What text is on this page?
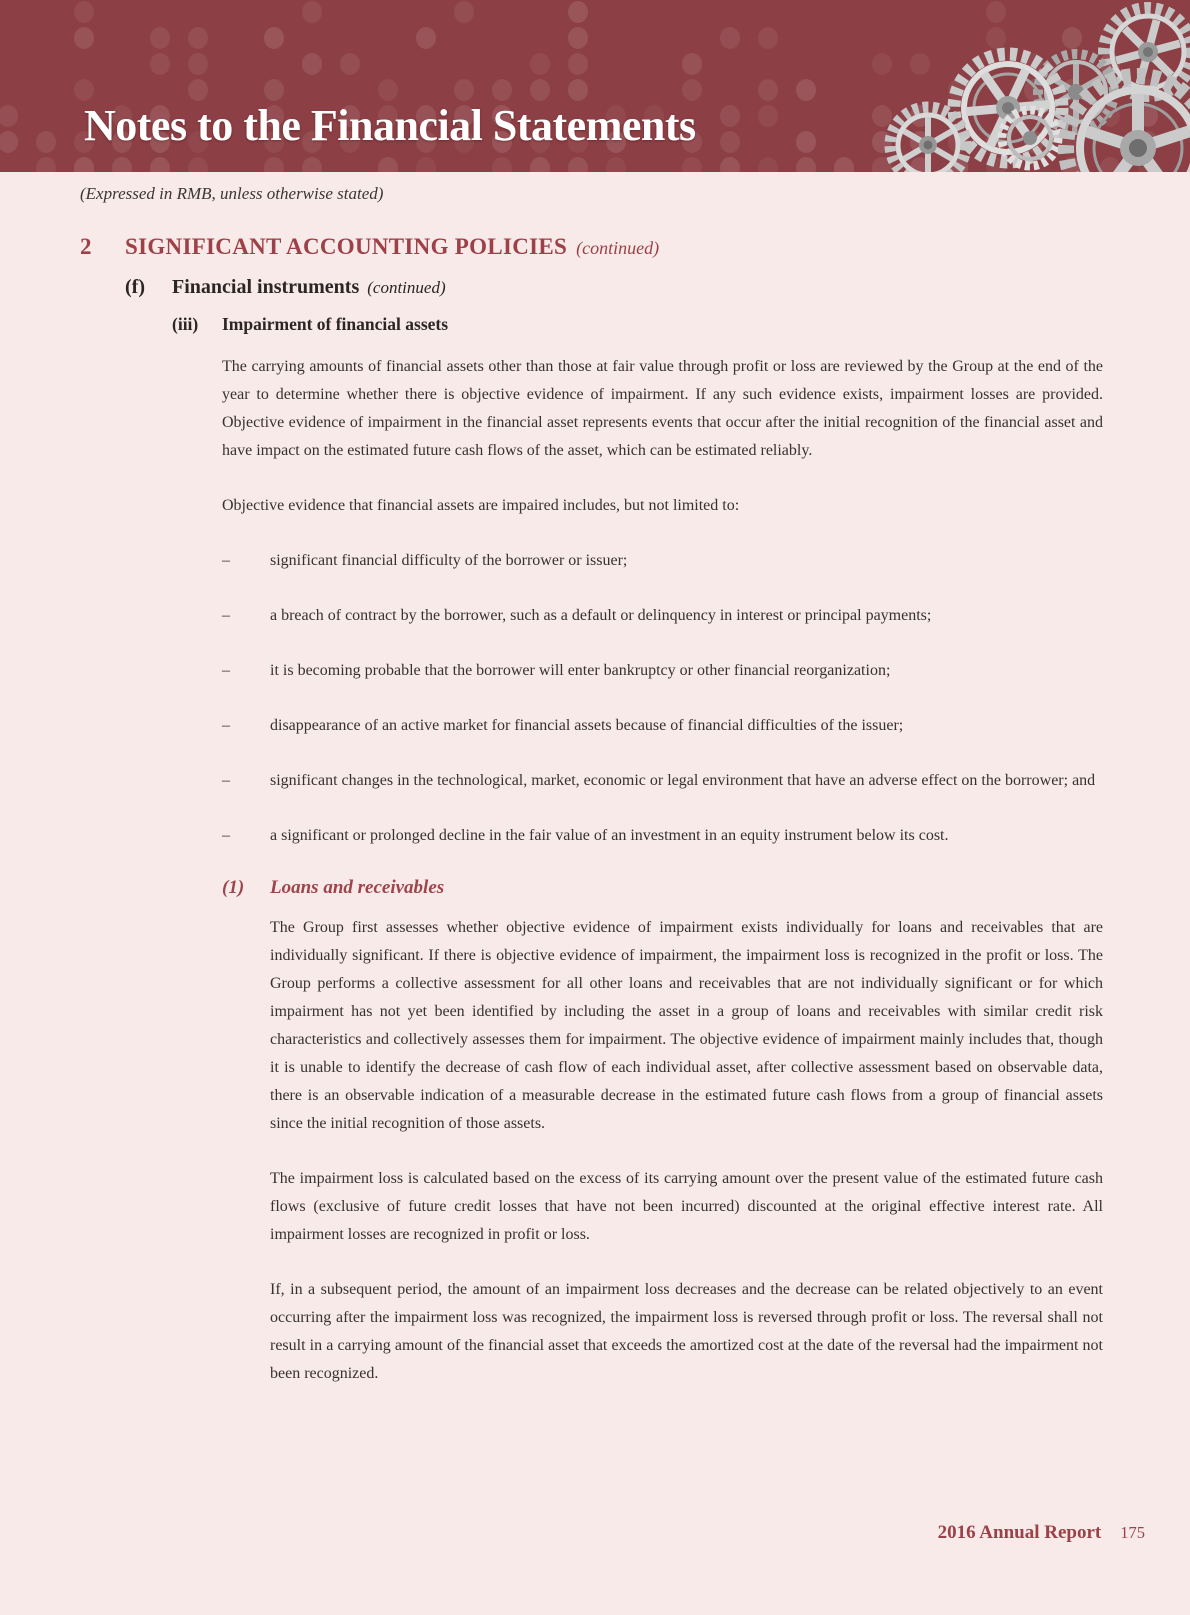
Notes to the Financial Statements
(Expressed in RMB, unless otherwise stated)
2	SIGNIFICANT ACCOUNTING POLICIES (continued)
(f)	Financial instruments (continued)
(iii)	Impairment of financial assets

The carrying amounts of financial assets other than those at fair value through profit or loss are reviewed by the Group at the end of the year to determine whether there is objective evidence of impairment. If any such evidence exists, impairment losses are provided. Objective evidence of impairment in the financial asset represents events that occur after the initial recognition of the financial asset and have impact on the estimated future cash flows of the asset, which can be estimated reliably.

Objective evidence that financial assets are impaired includes, but not limited to:

–	significant financial difficulty of the borrower or issuer;
–	a breach of contract by the borrower, such as a default or delinquency in interest or principal payments;
–	it is becoming probable that the borrower will enter bankruptcy or other financial reorganization;
–	disappearance of an active market for financial assets because of financial difficulties of the issuer;
–	significant changes in the technological, market, economic or legal environment that have an adverse effect on the borrower; and
–	a significant or prolonged decline in the fair value of an investment in an equity instrument below its cost.
(1)	Loans and receivables

The Group first assesses whether objective evidence of impairment exists individually for loans and receivables that are individually significant. If there is objective evidence of impairment, the impairment loss is recognized in the profit or loss. The Group performs a collective assessment for all other loans and receivables that are not individually significant or for which impairment has not yet been identified by including the asset in a group of loans and receivables with similar credit risk characteristics and collectively assesses them for impairment. The objective evidence of impairment mainly includes that, though it is unable to identify the decrease of cash flow of each individual asset, after collective assessment based on observable data, there is an observable indication of a measurable decrease in the estimated future cash flows from a group of financial assets since the initial recognition of those assets.

The impairment loss is calculated based on the excess of its carrying amount over the present value of the estimated future cash flows (exclusive of future credit losses that have not been incurred) discounted at the original effective interest rate. All impairment losses are recognized in profit or loss.

If, in a subsequent period, the amount of an impairment loss decreases and the decrease can be related objectively to an event occurring after the impairment loss was recognized, the impairment loss is reversed through profit or loss. The reversal shall not result in a carrying amount of the financial asset that exceeds the amortized cost at the date of the reversal had the impairment not been recognized.

2016 Annual Report 175
